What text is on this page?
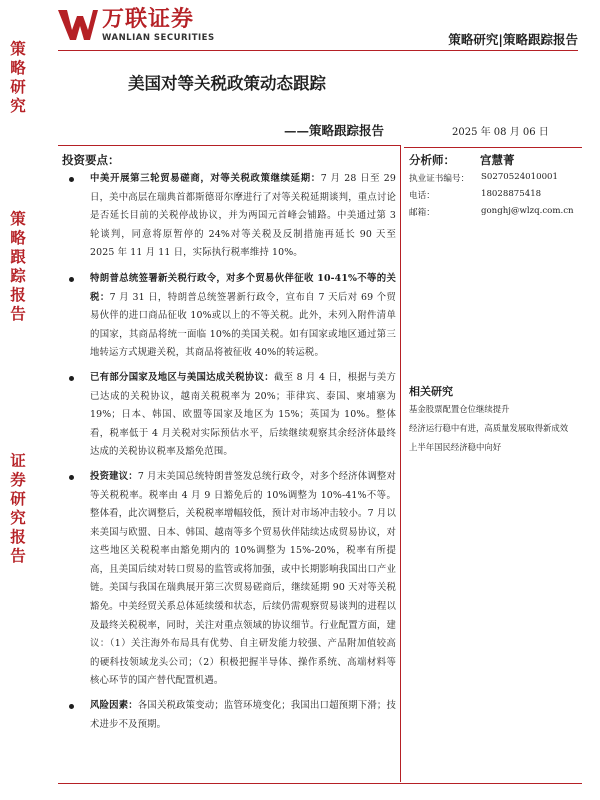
万联证券
WANLIAN SECURITIES	策略研究|策略跟踪报告
策
略
研
究
策
略
跟
踪
报
告
证
券
研
究
报
告
美国对等关税政策动态跟踪
——策略跟踪报告	2025 年 08 月 06 日
投资要点：
中美开展第三轮贸易磋商，对等关税政策继续延期：7 月 28 日至 29 日，美中高层在瑞典首都斯德哥尔摩进行了对等关税延期谈判，重点讨论是否延长目前的关税停战协议，并为两国元首峰会铺路。中美通过第 3 轮谈判，同意将原暂停的 24%对等关税及反制措施再延长 90 天至 2025 年 11 月 11 日，实际执行税率维持 10%。
特朗普总统签署新关税行政令，对多个贸易伙伴征收 10-41%不等的关税：7 月 31 日，特朗普总统签署新行政令，宣布自 7 天后对 69 个贸易伙伴的进口商品征收 10%或以上的不等关税。此外，未列入附件清单的国家，其商品将统一面临 10%的美国关税。如有国家或地区通过第三地转运方式规避关税，其商品将被征收 40%的转运税。
已有部分国家及地区与美国达成关税协议：截至 8 月 4 日，根据与美方已达成的关税协议，越南关税税率为 20%；菲律宾、泰国、柬埔寨为 19%；日本、韩国、欧盟等国家及地区为 15%；英国为 10%。整体看，税率低于 4 月关税对实际预估水平，后续继续观察其余经济体最终达成的关税协议税率及豁免范围。
投资建议：7 月末美国总统特朗普签发总统行政令，对多个经济体调整对等关税税率。税率由 4 月 9 日豁免后的 10%调整为 10%-41%不等。整体看，此次调整后，关税税率增幅较低，预计对市场冲击较小。7 月以来美国与欧盟、日本、韩国、越南等多个贸易伙伴陆续达成贸易协议，对这些地区关税税率由豁免期内的 10%调整为 15%-20%，税率有所提高，且美国后续对转口贸易的监管或将加强，或中长期影响我国出口产业链。美国与我国在瑞典展开第三次贸易磋商后，继续延期 90 天对等关税豁免。中美经贸关系总体延续缓和状态，后续仍需观察贸易谈判的进程以及最终关税税率，同时，关注对重点领域的协议细节。行业配置方面，建议：（1）关注海外布局具有优势、自主研发能力较强、产品附加值较高的硬科技领域龙头公司；（2）积极把握半导体、操作系统、高端材料等核心环节的国产替代配置机遇。
风险因素：各国关税政策变动；监管环境变化；我国出口超预期下滑；技术进步不及预期。
分析师： 宫慧菁
执业证书编号： S0270524010001
电话：	18028875418
邮箱：	gonghj@wlzq.com.cn
相关研究
基金股票配置仓位继续提升
经济运行稳中有进，高质量发展取得新成效
上半年国民经济稳中向好
